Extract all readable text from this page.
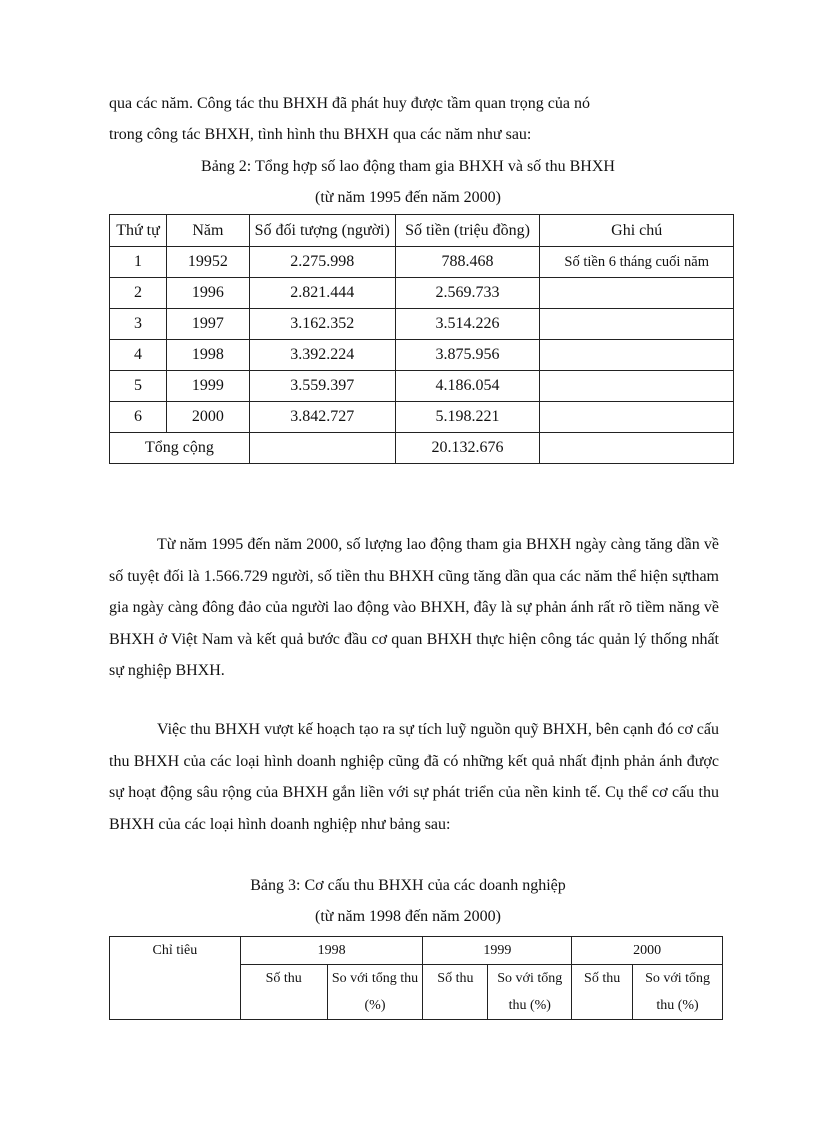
qua các năm. Công tác thu BHXH đã phát huy được tầm quan trọng của nó

trong công tác BHXH, tình hình thu BHXH qua các năm như sau:

Bảng 2: Tổng hợp số lao động tham gia BHXH và số thu BHXH

(từ năm 1995 đến năm 2000)

Thứ tự	Năm	Số đối tượng (người)	Số tiền (triệu đồng)	Ghi chú
1	19952	2.275.998	788.468	Số tiền 6 tháng cuối năm
2	1996	2.821.444	2.569.733	
3	1997	3.162.352	3.514.226	
4	1998	3.392.224	3.875.956	
5	1999	3.559.397	4.186.054	
6	2000	3.842.727	5.198.221	
Tổng cộng			20.132.676	

Từ năm 1995 đến năm 2000, số lượng lao động tham gia BHXH ngày càng tăng dần về số tuyệt đối là 1.566.729 người, số tiền thu BHXH cũng tăng dần qua các năm thể hiện sựtham gia ngày càng đông đảo của người lao động vào BHXH, đây là sự phản ánh rất rõ tiềm năng về BHXH ở Việt Nam và kết quả bước đầu cơ quan BHXH thực hiện công tác quản lý thống nhất sự nghiệp BHXH.

Việc thu BHXH vượt kế hoạch tạo ra sự tích luỹ nguồn quỹ BHXH, bên cạnh đó cơ cấu thu BHXH của các loại hình doanh nghiệp cũng đã có những kết quả nhất định phản ánh được sự hoạt động sâu rộng của BHXH gắn liền với sự phát triển của nền kinh tế. Cụ thể cơ cấu thu BHXH của các loại hình doanh nghiệp như bảng sau:

Bảng 3: Cơ cấu thu BHXH của các doanh nghiệp

(từ năm 1998 đến năm 2000)

Chỉ tiêu	1998		1999		2000	
	Số thu	So với tổng thu (%)	Số thu	So với tổng thu (%)	Số thu	So với tổng thu (%)
